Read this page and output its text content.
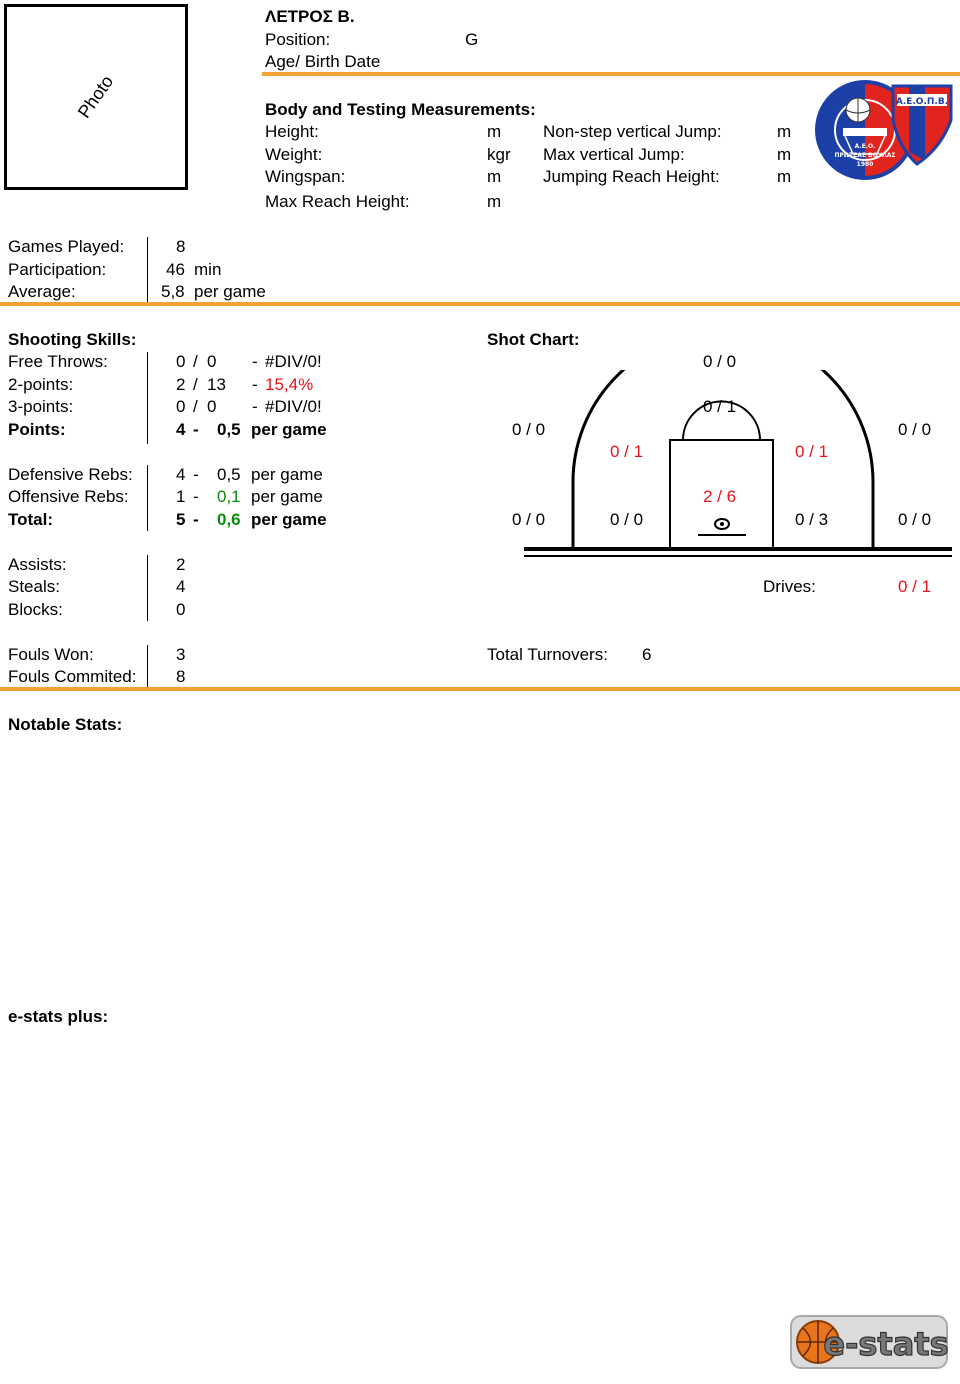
Photo
ΛΕΤΡΟΣ Β.
Position:	G
Age/ Birth Date
Body and Testing Measurements:
Height:	m
Weight:	kgr
Wingspan:	m
Max Reach Height:	m
Non-step vertical Jump:	m
Max vertical Jump:	m
Jumping Reach Height:	m
Α.Ε.Ο.Π.Β.
Α.Ε.Ο.
ΠΡΩΤΕΑΣ ΒΟΥΛΑΣ
1980
Games Played:	8
Participation:	46 min
Average:	5,8 per game
Shooting Skills:
Free Throws:	0 / 0 - #DIV/0!
2-points:	2 / 13 - 15,4%
3-points:	0 / 0 - #DIV/0!
Points:	4 - 0,5 per game
Defensive Rebs:	4 - 0,5 per game
Offensive Rebs:	1 - 0,1 per game
Total:	5 - 0,6 per game
Assists:	2
Steals:	4
Blocks:	0
Fouls Won:	3
Fouls Commited: 8
Total Turnovers: 6
Shot Chart:
0 / 0
0 / 1
0 / 0	0 / 0
0 / 1	0 / 1
2 / 6
0 / 0	0 / 0	0 / 3	0 / 0
Drives:	0 / 1
Notable Stats:
e-stats plus:
e-stats
